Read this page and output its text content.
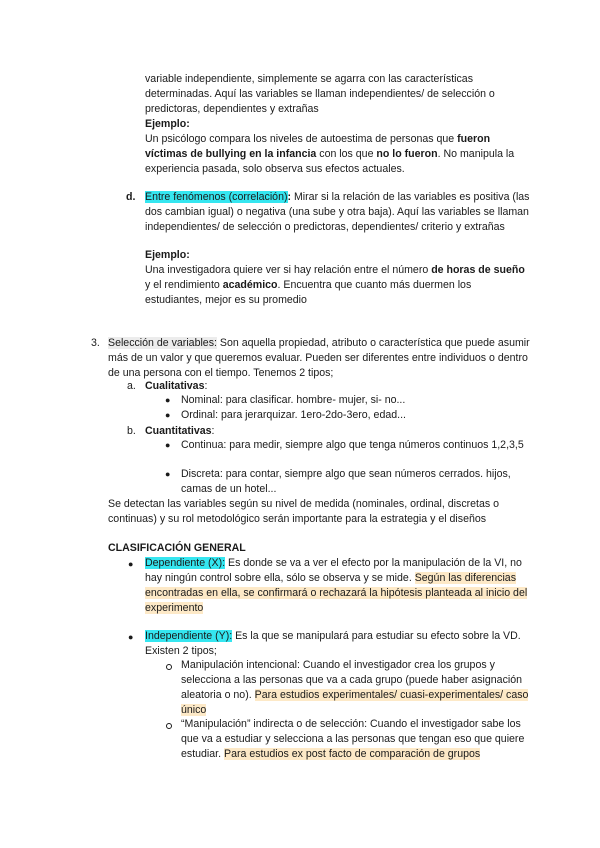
variable independiente, simplemente se agarra con las características determinadas. Aquí las variables se llaman independientes/ de selección o predictoras, dependientes y extrañas

Ejemplo:

Un psicólogo compara los niveles de autoestima de personas que fueron víctimas de bullying en la infancia con los que no lo fueron. No manipula la experiencia pasada, solo observa sus efectos actuales.

d. Entre fenómenos (correlación): Mirar si la relación de las variables es positiva (las dos cambian igual) o negativa (una sube y otra baja). Aquí las variables se llaman independientes/ de selección o predictoras, dependientes/ criterio y extrañas

Ejemplo:

Una investigadora quiere ver si hay relación entre el número de horas de sueño y el rendimiento académico. Encuentra que cuanto más duermen los estudiantes, mejor es su promedio

3. Selección de variables: Son aquella propiedad, atributo o característica que puede asumir más de un valor y que queremos evaluar. Pueden ser diferentes entre individuos o dentro de una persona con el tiempo. Tenemos 2 tipos;

a. Cualitativas:

● Nominal: para clasificar. hombre- mujer, si- no...

● Ordinal: para jerarquizar. 1ero-2do-3ero, edad...

b. Cuantitativas:

● Continua: para medir, siempre algo que tenga números continuos 1,2,3,5

● Discreta: para contar, siempre algo que sean números cerrados. hijos, camas de un hotel...

Se detectan las variables según su nivel de medida (nominales, ordinal, discretas o continuas) y su rol metodológico serán importante para la estrategia y el diseños

CLASIFICACIÓN GENERAL

● Dependiente (X): Es donde se va a ver el efecto por la manipulación de la VI, no hay ningún control sobre ella, sólo se observa y se mide. Según las diferencias encontradas en ella, se confirmará o rechazará la hipótesis planteada al inicio del experimento

● Independiente (Y): Es la que se manipulará para estudiar su efecto sobre la VD. Existen 2 tipos;

Manipulación intencional: Cuando el investigador crea los grupos y selecciona a las personas que va a cada grupo (puede haber asignación aleatoria o no). Para estudios experimentales/ cuasi-experimentales/ caso único

“Manipulación” indirecta o de selección: Cuando el investigador sabe los que va a estudiar y selecciona a las personas que tengan eso que quiere estudiar. Para estudios ex post facto de comparación de grupos
